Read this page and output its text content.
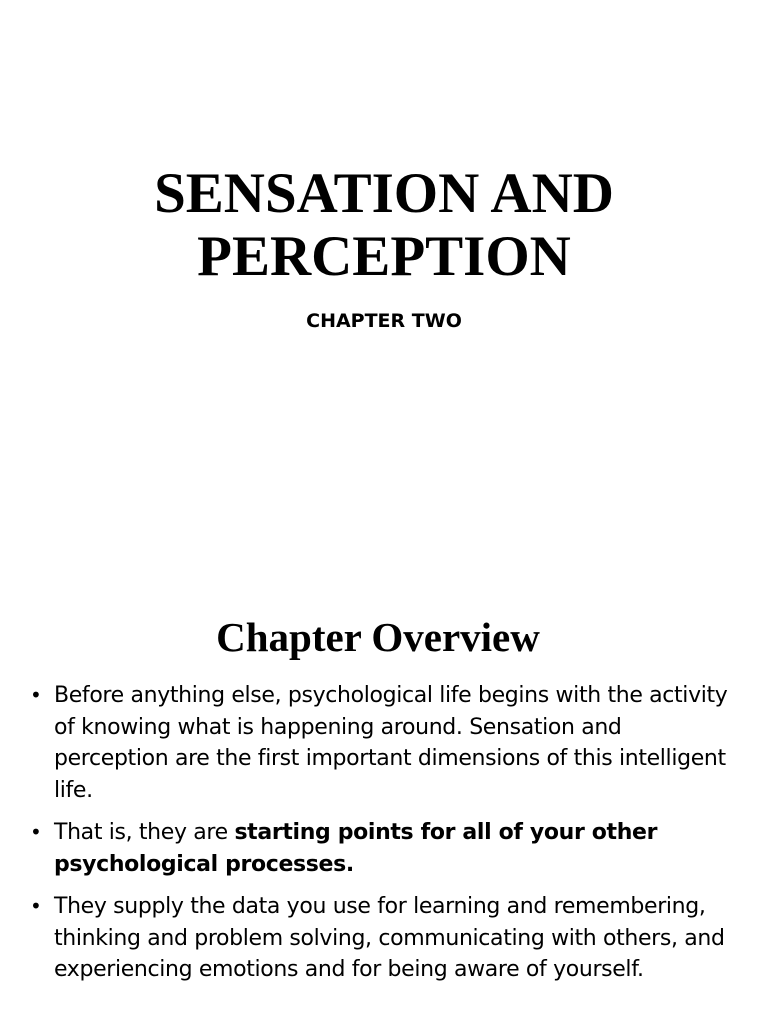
SENSATION AND
PERCEPTION

CHAPTER TWO

Chapter Overview
• Before anything else, psychological life begins with the activity of knowing what is happening around. Sensation and perception are the first important dimensions of this intelligent life.
• That is, they are starting points for all of your other psychological processes.
• They supply the data you use for learning and remembering, thinking and problem solving, communicating with others, and experiencing emotions and for being aware of yourself.
